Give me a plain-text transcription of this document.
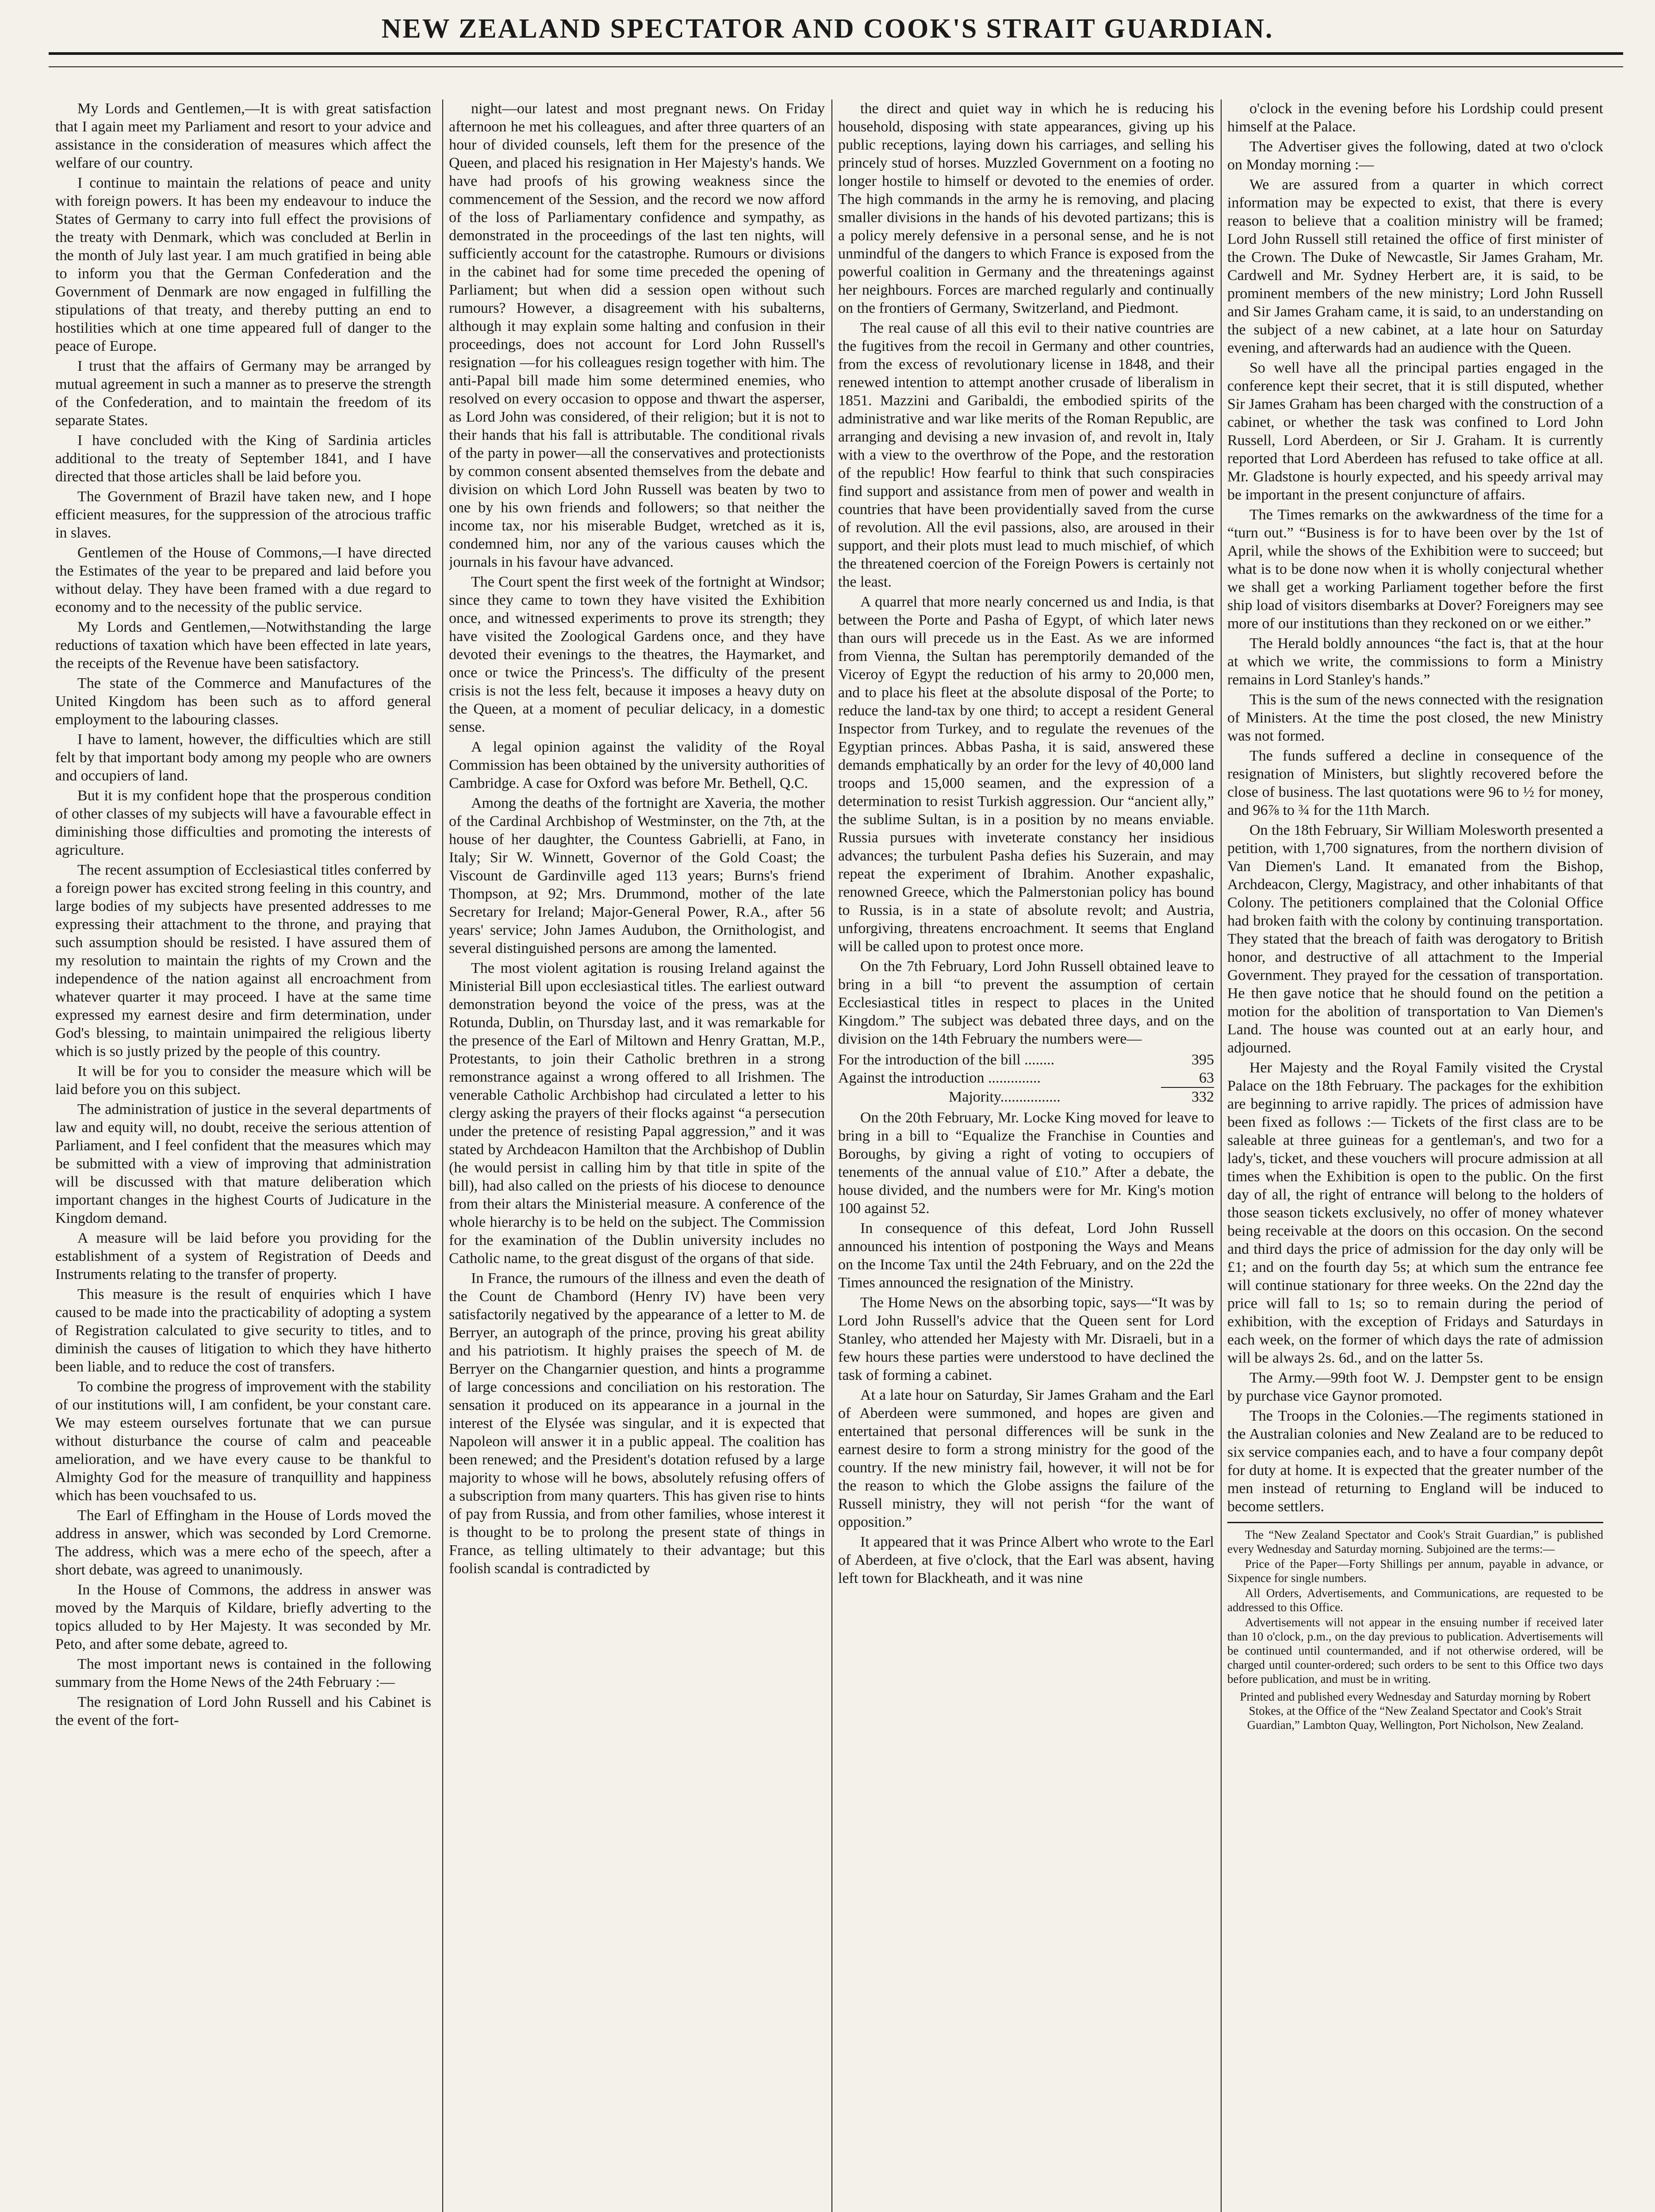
NEW ZEALAND SPECTATOR AND COOK'S STRAIT GUARDIAN.

My Lords and Gentlemen,—It is with great satisfaction that I again meet my Parliament and resort to your advice and assistance in the consideration of measures which affect the welfare of our country.

I continue to maintain the relations of peace and unity with foreign powers. It has been my endeavour to induce the States of Germany to carry into full effect the provisions of the treaty with Denmark, which was concluded at Berlin in the month of July last year. I am much gratified in being able to inform you that the German Confederation and the Government of Denmark are now engaged in fulfilling the stipulations of that treaty, and thereby putting an end to hostilities which at one time appeared full of danger to the peace of Europe.

I trust that the affairs of Germany may be arranged by mutual agreement in such a manner as to preserve the strength of the Confederation, and to maintain the freedom of its separate States.

I have concluded with the King of Sardinia articles additional to the treaty of September 1841, and I have directed that those articles shall be laid before you.

The Government of Brazil have taken new, and I hope efficient measures, for the suppression of the atrocious traffic in slaves.

Gentlemen of the House of Commons,—I have directed the Estimates of the year to be prepared and laid before you without delay. They have been framed with a due regard to economy and to the necessity of the public service.

My Lords and Gentlemen,—Notwithstanding the large reductions of taxation which have been effected in late years, the receipts of the Revenue have been satisfactory.

The state of the Commerce and Manufactures of the United Kingdom has been such as to afford general employment to the labouring classes.

I have to lament, however, the difficulties which are still felt by that important body among my people who are owners and occupiers of land.

But it is my confident hope that the prosperous condition of other classes of my subjects will have a favourable effect in diminishing those difficulties and promoting the interests of agriculture.

The recent assumption of Ecclesiastical titles conferred by a foreign power has excited strong feeling in this country, and large bodies of my subjects have presented addresses to me expressing their attachment to the throne, and praying that such assumption should be resisted. I have assured them of my resolution to maintain the rights of my Crown and the independence of the nation against all encroachment from whatever quarter it may proceed. I have at the same time expressed my earnest desire and firm determination, under God's blessing, to maintain unimpaired the religious liberty which is so justly prized by the people of this country.

It will be for you to consider the measure which will be laid before you on this subject.

The administration of justice in the several departments of law and equity will, no doubt, receive the serious attention of Parliament, and I feel confident that the measures which may be submitted with a view of improving that administration will be discussed with that mature deliberation which important changes in the highest Courts of Judicature in the Kingdom demand.

A measure will be laid before you providing for the establishment of a system of Registration of Deeds and Instruments relating to the transfer of property.

This measure is the result of enquiries which I have caused to be made into the practicability of adopting a system of Registration calculated to give security to titles, and to diminish the causes of litigation to which they have hitherto been liable, and to reduce the cost of transfers.

To combine the progress of improvement with the stability of our institutions will, I am confident, be your constant care. We may esteem ourselves fortunate that we can pursue without disturbance the course of calm and peaceable amelioration, and we have every cause to be thankful to Almighty God for the measure of tranquillity and happiness which has been vouchsafed to us.

The Earl of Effingham in the House of Lords moved the address in answer, which was seconded by Lord Cremorne. The address, which was a mere echo of the speech, after a short debate, was agreed to unanimously.

In the House of Commons, the address in answer was moved by the Marquis of Kildare, briefly adverting to the topics alluded to by Her Majesty. It was seconded by Mr. Peto, and after some debate, agreed to.

The most important news is contained in the following summary from the Home News of the 24th February :—

The resignation of Lord John Russell and his Cabinet is the event of the fort-

night—our latest and most pregnant news. On Friday afternoon he met his colleagues, and after three quarters of an hour of divided counsels, left them for the presence of the Queen, and placed his resignation in Her Majesty's hands. We have had proofs of his growing weakness since the commencement of the Session, and the record we now afford of the loss of Parliamentary confidence and sympathy, as demonstrated in the proceedings of the last ten nights, will sufficiently account for the catastrophe. Rumours or divisions in the cabinet had for some time preceded the opening of Parliament; but when did a session open without such rumours? However, a disagreement with his subalterns, although it may explain some halting and confusion in their proceedings, does not account for Lord John Russell's resignation —for his colleagues resign together with him. The anti-Papal bill made him some determined enemies, who resolved on every occasion to oppose and thwart the asperser, as Lord John was considered, of their religion; but it is not to their hands that his fall is attributable. The conditional rivals of the party in power—all the conservatives and protectionists by common consent absented themselves from the debate and division on which Lord John Russell was beaten by two to one by his own friends and followers; so that neither the income tax, nor his miserable Budget, wretched as it is, condemned him, nor any of the various causes which the journals in his favour have advanced.

The Court spent the first week of the fortnight at Windsor; since they came to town they have visited the Exhibition once, and witnessed experiments to prove its strength; they have visited the Zoological Gardens once, and they have devoted their evenings to the theatres, the Haymarket, and once or twice the Princess's. The difficulty of the present crisis is not the less felt, because it imposes a heavy duty on the Queen, at a moment of peculiar delicacy, in a domestic sense.

A legal opinion against the validity of the Royal Commission has been obtained by the university authorities of Cambridge. A case for Oxford was before Mr. Bethell, Q.C.

Among the deaths of the fortnight are Xaveria, the mother of the Cardinal Archbishop of Westminster, on the 7th, at the house of her daughter, the Countess Gabrielli, at Fano, in Italy; Sir W. Winnett, Governor of the Gold Coast; the Viscount de Gardinville aged 113 years; Burns's friend Thompson, at 92; Mrs. Drummond, mother of the late Secretary for Ireland; Major-General Power, R.A., after 56 years' service; John James Audubon, the Ornithologist, and several distinguished persons are among the lamented.

The most violent agitation is rousing Ireland against the Ministerial Bill upon ecclesiastical titles. The earliest outward demonstration beyond the voice of the press, was at the Rotunda, Dublin, on Thursday last, and it was remarkable for the presence of the Earl of Miltown and Henry Grattan, M.P., Protestants, to join their Catholic brethren in a strong remonstrance against a wrong offered to all Irishmen. The venerable Catholic Archbishop had circulated a letter to his clergy asking the prayers of their flocks against “a persecution under the pretence of resisting Papal aggression,” and it was stated by Archdeacon Hamilton that the Archbishop of Dublin (he would persist in calling him by that title in spite of the bill), had also called on the priests of his diocese to denounce from their altars the Ministerial measure. A conference of the whole hierarchy is to be held on the subject. The Commission for the examination of the Dublin university includes no Catholic name, to the great disgust of the organs of that side.

In France, the rumours of the illness and even the death of the Count de Chambord (Henry IV) have been very satisfactorily negatived by the appearance of a letter to M. de Berryer, an autograph of the prince, proving his great ability and his patriotism. It highly praises the speech of M. de Berryer on the Changarnier question, and hints a programme of large concessions and conciliation on his restoration. The sensation it produced on its appearance in a journal in the interest of the Elysée was singular, and it is expected that Napoleon will answer it in a public appeal. The coalition has been renewed; and the President's dotation refused by a large majority to whose will he bows, absolutely refusing offers of a subscription from many quarters. This has given rise to hints of pay from Russia, and from other families, whose interest it is thought to be to prolong the present state of things in France, as telling ultimately to their advantage; but this foolish scandal is contradicted by

the direct and quiet way in which he is reducing his household, disposing with state appearances, giving up his public receptions, laying down his carriages, and selling his princely stud of horses. Muzzled Government on a footing no longer hostile to himself or devoted to the enemies of order. The high commands in the army he is removing, and placing smaller divisions in the hands of his devoted partizans; this is a policy merely defensive in a personal sense, and he is not unmindful of the dangers to which France is exposed from the powerful coalition in Germany and the threatenings against her neighbours. Forces are marched regularly and continually on the frontiers of Germany, Switzerland, and Piedmont.

The real cause of all this evil to their native countries are the fugitives from the recoil in Germany and other countries, from the excess of revolutionary license in 1848, and their renewed intention to attempt another crusade of liberalism in 1851. Mazzini and Garibaldi, the embodied spirits of the administrative and war like merits of the Roman Republic, are arranging and devising a new invasion of, and revolt in, Italy with a view to the overthrow of the Pope, and the restoration of the republic! How fearful to think that such conspiracies find support and assistance from men of power and wealth in countries that have been providentially saved from the curse of revolution. All the evil passions, also, are aroused in their support, and their plots must lead to much mischief, of which the threatened coercion of the Foreign Powers is certainly not the least.

A quarrel that more nearly concerned us and India, is that between the Porte and Pasha of Egypt, of which later news than ours will precede us in the East. As we are informed from Vienna, the Sultan has peremptorily demanded of the Viceroy of Egypt the reduction of his army to 20,000 men, and to place his fleet at the absolute disposal of the Porte; to reduce the land-tax by one third; to accept a resident General Inspector from Turkey, and to regulate the revenues of the Egyptian princes. Abbas Pasha, it is said, answered these demands emphatically by an order for the levy of 40,000 land troops and 15,000 seamen, and the expression of a determination to resist Turkish aggression. Our “ancient ally,” the sublime Sultan, is in a position by no means enviable. Russia pursues with inveterate constancy her insidious advances; the turbulent Pasha defies his Suzerain, and may repeat the experiment of Ibrahim. Another expashalic, renowned Greece, which the Palmerstonian policy has bound to Russia, is in a state of absolute revolt; and Austria, unforgiving, threatens encroachment. It seems that England will be called upon to protest once more.

On the 7th February, Lord John Russell obtained leave to bring in a bill “to prevent the assumption of certain Ecclesiastical titles in respect to places in the United Kingdom.” The subject was debated three days, and on the division on the 14th February the numbers were—

For the introduction of the bill ........	395
Against the introduction ..............	63
Majority................	332

On the 20th February, Mr. Locke King moved for leave to bring in a bill to “Equalize the Franchise in Counties and Boroughs, by giving a right of voting to occupiers of tenements of the annual value of £10.” After a debate, the house divided, and the numbers were for Mr. King's motion 100 against 52.

In consequence of this defeat, Lord John Russell announced his intention of postponing the Ways and Means on the Income Tax until the 24th February, and on the 22d the Times announced the resignation of the Ministry.

The Home News on the absorbing topic, says—“It was by Lord John Russell's advice that the Queen sent for Lord Stanley, who attended her Majesty with Mr. Disraeli, but in a few hours these parties were understood to have declined the task of forming a cabinet.

At a late hour on Saturday, Sir James Graham and the Earl of Aberdeen were summoned, and hopes are given and entertained that personal differences will be sunk in the earnest desire to form a strong ministry for the good of the country. If the new ministry fail, however, it will not be for the reason to which the Globe assigns the failure of the Russell ministry, they will not perish “for the want of opposition.”

It appeared that it was Prince Albert who wrote to the Earl of Aberdeen, at five o'clock, that the Earl was absent, having left town for Blackheath, and it was nine

o'clock in the evening before his Lordship could present himself at the Palace.

The Advertiser gives the following, dated at two o'clock on Monday morning :—

We are assured from a quarter in which correct information may be expected to exist, that there is every reason to believe that a coalition ministry will be framed; Lord John Russell still retained the office of first minister of the Crown. The Duke of Newcastle, Sir James Graham, Mr. Cardwell and Mr. Sydney Herbert are, it is said, to be prominent members of the new ministry; Lord John Russell and Sir James Graham came, it is said, to an understanding on the subject of a new cabinet, at a late hour on Saturday evening, and afterwards had an audience with the Queen.

So well have all the principal parties engaged in the conference kept their secret, that it is still disputed, whether Sir James Graham has been charged with the construction of a cabinet, or whether the task was confined to Lord John Russell, Lord Aberdeen, or Sir J. Graham. It is currently reported that Lord Aberdeen has refused to take office at all. Mr. Gladstone is hourly expected, and his speedy arrival may be important in the present conjuncture of affairs.

The Times remarks on the awkwardness of the time for a “turn out.” “Business is for to have been over by the 1st of April, while the shows of the Exhibition were to succeed; but what is to be done now when it is wholly conjectural whether we shall get a working Parliament together before the first ship load of visitors disembarks at Dover? Foreigners may see more of our institutions than they reckoned on or we either.”

The Herald boldly announces “the fact is, that at the hour at which we write, the commissions to form a Ministry remains in Lord Stanley's hands.”

This is the sum of the news connected with the resignation of Ministers. At the time the post closed, the new Ministry was not formed.

The funds suffered a decline in consequence of the resignation of Ministers, but slightly recovered before the close of business. The last quotations were 96 to ½ for money, and 96⅞ to ¾ for the 11th March.

On the 18th February, Sir William Molesworth presented a petition, with 1,700 signatures, from the northern division of Van Diemen's Land. It emanated from the Bishop, Archdeacon, Clergy, Magistracy, and other inhabitants of that Colony. The petitioners complained that the Colonial Office had broken faith with the colony by continuing transportation. They stated that the breach of faith was derogatory to British honor, and destructive of all attachment to the Imperial Government. They prayed for the cessation of transportation. He then gave notice that he should found on the petition a motion for the abolition of transportation to Van Diemen's Land. The house was counted out at an early hour, and adjourned.

Her Majesty and the Royal Family visited the Crystal Palace on the 18th February. The packages for the exhibition are beginning to arrive rapidly. The prices of admission have been fixed as follows :— Tickets of the first class are to be saleable at three guineas for a gentleman's, and two for a lady's, ticket, and these vouchers will procure admission at all times when the Exhibition is open to the public. On the first day of all, the right of entrance will belong to the holders of those season tickets exclusively, no offer of money whatever being receivable at the doors on this occasion. On the second and third days the price of admission for the day only will be £1; and on the fourth day 5s; at which sum the entrance fee will continue stationary for three weeks. On the 22nd day the price will fall to 1s; so to remain during the period of exhibition, with the exception of Fridays and Saturdays in each week, on the former of which days the rate of admission will be always 2s. 6d., and on the latter 5s.

The Army.—99th foot W. J. Dempster gent to be ensign by purchase vice Gaynor promoted.

The Troops in the Colonies.—The regiments stationed in the Australian colonies and New Zealand are to be reduced to six service companies each, and to have a four company depôt for duty at home. It is expected that the greater number of the men instead of returning to England will be induced to become settlers.

The “New Zealand Spectator and Cook's Strait Guardian,” is published every Wednesday and Saturday morning. Subjoined are the terms:—

Price of the Paper—Forty Shillings per annum, payable in advance, or Sixpence for single numbers.

All Orders, Advertisements, and Communications, are requested to be addressed to this Office.

Advertisements will not appear in the ensuing number if received later than 10 o'clock, p.m., on the day previous to publication. Advertisements will be continued until countermanded, and if not otherwise ordered, will be charged until counter-ordered; such orders to be sent to this Office two days before publication, and must be in writing.

Printed and published every Wednesday and Saturday morning by Robert Stokes, at the Office of the “New Zealand Spectator and Cook's Strait Guardian,” Lambton Quay, Wellington, Port Nicholson, New Zealand.
